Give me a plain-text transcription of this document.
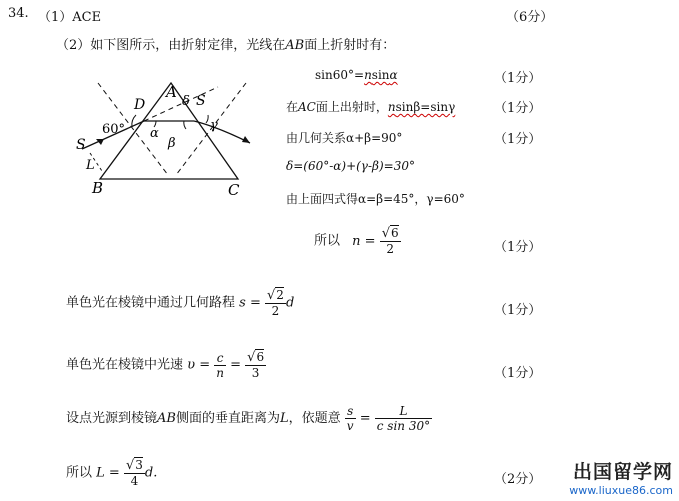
34. （1）ACE	（6分）
（2）如下图所示，由折射定律，光线在AB面上折射时有：
A
B	C
D
S
S
L
60° α
β
δ
γ
sin60°=nsinα	（1分）
在AC面上出射时，nsinβ=sinγ	（1分）
由几何关系α+β=90°	（1分）
δ=(60°-α)+(γ-β)=30°
由上面四式得α=β=45°，γ=60°
所以 $n = \frac{√6}{2}$	（1分）
单色光在棱镜中通过几何路程 $s = \frac{√2}{2}$ d	（1分）
单色光在棱镜中光速 $\upsilon = \frac{c}{n} = \frac{√6}{3}$	（1分）
设点光源到棱镜AB侧面的垂直距离为L，依题意 $\frac{s}{v} = \frac{L}{\text{c sin 30°}}$
所以 $L = \frac{√3}{4} d$.	（2分） 出国留学网
www.liuxue86.com
